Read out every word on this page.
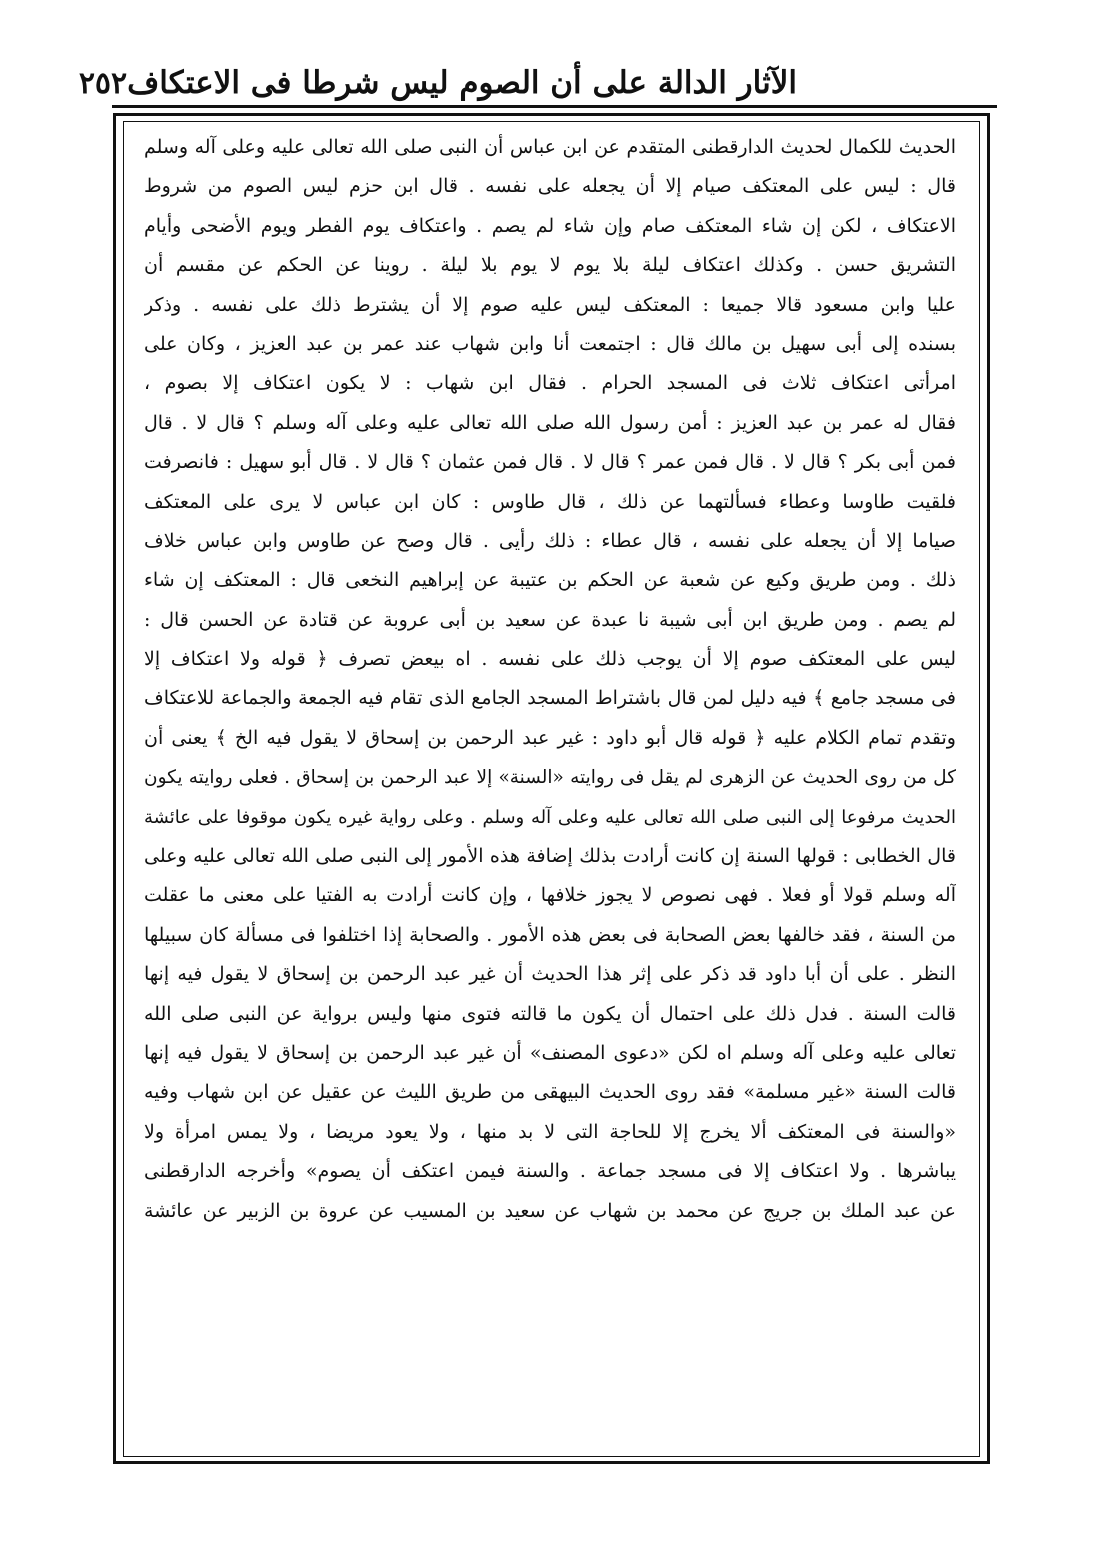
الآثار الدالة على أن الصوم ليس شرطا فى الاعتكاف
٢٥٢
الحديث للكمال لحديث الدارقطنى المتقدم عن ابن عباس أن النبى صلى الله تعالى عليه وعلى آله وسلم
قال : ليس على المعتكف صيام إلا أن يجعله على نفسه . قال ابن حزم ليس الصوم من شروط
الاعتكاف ، لكن إن شاء المعتكف صام وإن شاء لم يصم . واعتكاف يوم الفطر ويوم الأضحى وأيام
التشريق حسن . وكذلك اعتكاف ليلة بلا يوم لا يوم بلا ليلة . روينا عن الحكم عن مقسم أن
عليا وابن مسعود قالا جميعا : المعتكف ليس عليه صوم إلا أن يشترط ذلك على نفسه . وذكر
بسنده إلى أبى سهيل بن مالك قال : اجتمعت أنا وابن شهاب عند عمر بن عبد العزيز ، وكان على
امرأتى اعتكاف ثلاث فى المسجد الحرام . فقال ابن شهاب : لا يكون اعتكاف إلا بصوم ،
فقال له عمر بن عبد العزيز : أمن رسول الله صلى الله تعالى عليه وعلى آله وسلم ؟ قال لا . قال
فمن أبى بكر ؟ قال لا . قال فمن عمر ؟ قال لا . قال فمن عثمان ؟ قال لا . قال أبو سهيل : فانصرفت
فلقيت طاوسا وعطاء فسألتهما عن ذلك ، قال طاوس : كان ابن عباس لا يرى على المعتكف
صياما إلا أن يجعله على نفسه ، قال عطاء : ذلك رأيى . قال وصح عن طاوس وابن عباس خلاف
ذلك . ومن طريق وكيع عن شعبة عن الحكم بن عتيبة عن إبراهيم النخعى قال : المعتكف إن شاء
لم يصم . ومن طريق ابن أبى شيبة نا عبدة عن سعيد بن أبى عروبة عن قتادة عن الحسن قال :
ليس على المعتكف صوم إلا أن يوجب ذلك على نفسه . اه بيعض تصرف ﴿ قوله ولا اعتكاف إلا
فى مسجد جامع ﴾ فيه دليل لمن قال باشتراط المسجد الجامع الذى تقام فيه الجمعة والجماعة للاعتكاف
وتقدم تمام الكلام عليه ﴿ قوله قال أبو داود : غير عبد الرحمن بن إسحاق لا يقول فيه الخ ﴾ يعنى أن
كل من روى الحديث عن الزهرى لم يقل فى روايته «السنة» إلا عبد الرحمن بن إسحاق . فعلى روايته يكون
الحديث مرفوعا إلى النبى صلى الله تعالى عليه وعلى آله وسلم . وعلى رواية غيره يكون موقوفا على عائشة
قال الخطابى : قولها السنة إن كانت أرادت بذلك إضافة هذه الأمور إلى النبى صلى الله تعالى عليه وعلى
آله وسلم قولا أو فعلا . فهى نصوص لا يجوز خلافها ، وإن كانت أرادت به الفتيا على معنى ما عقلت
من السنة ، فقد خالفها بعض الصحابة فى بعض هذه الأمور . والصحابة إذا اختلفوا فى مسألة كان سبيلها
النظر . على أن أبا داود قد ذكر على إثر هذا الحديث أن غير عبد الرحمن بن إسحاق لا يقول فيه إنها
قالت السنة . فدل ذلك على احتمال أن يكون ما قالته فتوى منها وليس برواية عن النبى صلى الله
تعالى عليه وعلى آله وسلم اه لكن «دعوى المصنف» أن غير عبد الرحمن بن إسحاق لا يقول فيه إنها
قالت السنة «غير مسلمة» فقد روى الحديث البيهقى من طريق الليث عن عقيل عن ابن شهاب وفيه
«والسنة فى المعتكف ألا يخرج إلا للحاجة التى لا بد منها ، ولا يعود مريضا ، ولا يمس امرأة ولا
يباشرها . ولا اعتكاف إلا فى مسجد جماعة . والسنة فيمن اعتكف أن يصوم» وأخرجه الدارقطنى
عن عبد الملك بن جريج عن محمد بن شهاب عن سعيد بن المسيب عن عروة بن الزبير عن عائشة
